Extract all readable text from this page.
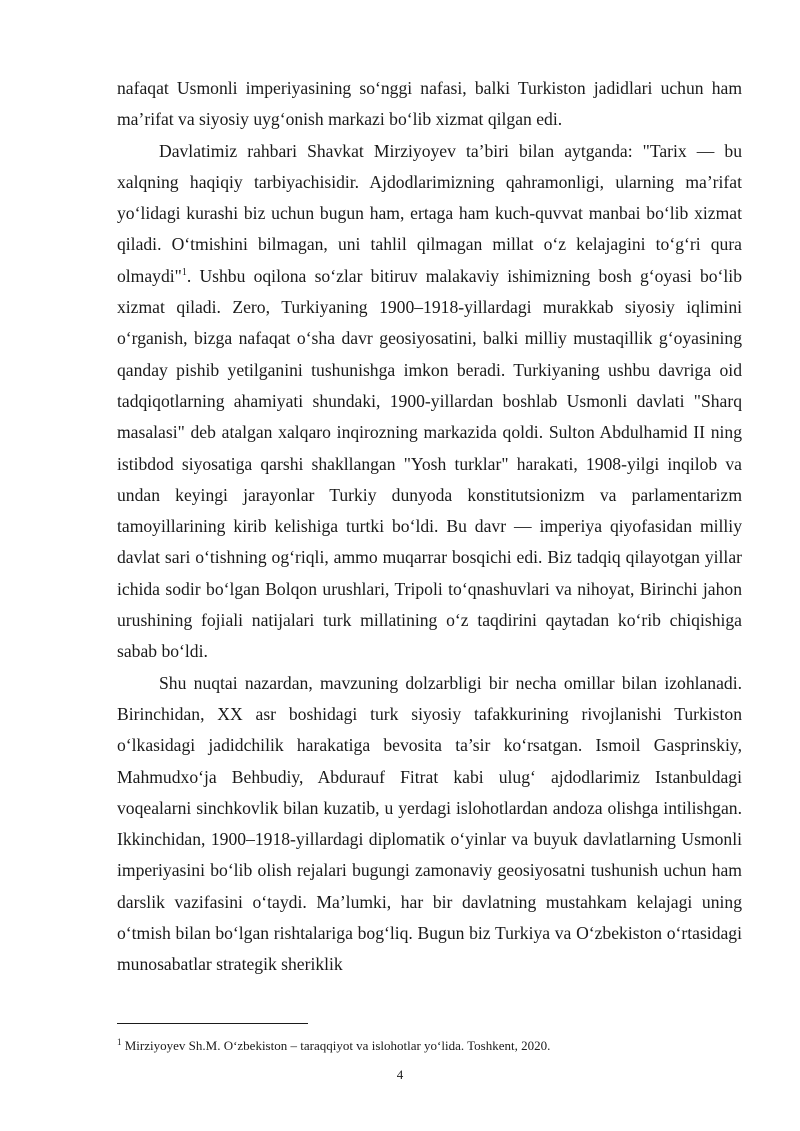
nafaqat Usmonli imperiyasining so‘nggi nafasi, balki Turkiston jadidlari uchun ham ma’rifat va siyosiy uyg‘onish markazi bo‘lib xizmat qilgan edi.

Davlatimiz rahbari Shavkat Mirziyoyev ta’biri bilan aytganda: "Tarix — bu xalqning haqiqiy tarbiyachisidir. Ajdodlarimizning qahramonligi, ularning ma’rifat yo‘lidagi kurashi biz uchun bugun ham, ertaga ham kuch-quvvat manbai bo‘lib xizmat qiladi. O‘tmishini bilmagan, uni tahlil qilmagan millat o‘z kelajagini to‘g‘ri qura olmaydi"$^1$. Ushbu oqilona so‘zlar bitiruv malakaviy ishimizning bosh g‘oyasi bo‘lib xizmat qiladi. Zero, Turkiyaning 1900–1918-yillardagi murakkab siyosiy iqlimini o‘rganish, bizga nafaqat o‘sha davr geosiyosatini, balki milliy mustaqillik g‘oyasining qanday pishib yetilganini tushunishga imkon beradi. Turkiyaning ushbu davriga oid tadqiqotlarning ahamiyati shundaki, 1900-yillardan boshlab Usmonli davlati "Sharq masalasi" deb atalgan xalqaro inqirozning markazida qoldi. Sulton Abdulhamid II ning istibdod siyosatiga qarshi shakllangan "Yosh turklar" harakati, 1908-yilgi inqilob va undan keyingi jarayonlar Turkiy dunyoda konstitutsionizm va parlamentarizm tamoyillarining kirib kelishiga turtki bo‘ldi. Bu davr — imperiya qiyofasidan milliy davlat sari o‘tishning og‘riqli, ammo muqarrar bosqichi edi. Biz tadqiq qilayotgan yillar ichida sodir bo‘lgan Bolqon urushlari, Tripoli to‘qnashuvlari va nihoyat, Birinchi jahon urushining fojiali natijalari turk millatining o‘z taqdirini qaytadan ko‘rib chiqishiga sabab bo‘ldi.

Shu nuqtai nazardan, mavzuning dolzarbligi bir necha omillar bilan izohlanadi. Birinchidan, XX asr boshidagi turk siyosiy tafakkurining rivojlanishi Turkiston o‘lkasidagi jadidchilik harakatiga bevosita ta’sir ko‘rsatgan. Ismoil Gasprinskiy, Mahmudxo‘ja Behbudiy, Abdurauf Fitrat kabi ulug‘ ajdodlarimiz Istanbuldagi voqealarni sinchkovlik bilan kuzatib, u yerdagi islohotlardan andoza olishga intilishgan. Ikkinchidan, 1900–1918-yillardagi diplomatik o‘yinlar va buyuk davlatlarning Usmonli imperiyasini bo‘lib olish rejalari bugungi zamonaviy geosiyosatni tushunish uchun ham darslik vazifasini o‘taydi. Ma’lumki, har bir davlatning mustahkam kelajagi uning o‘tmish bilan bo‘lgan rishtalariga bog‘liq. Bugun biz Turkiya va O‘zbekiston o‘rtasidagi munosabatlar strategik sheriklik

$^1$ Mirziyoyev Sh.M. O‘zbekiston – taraqqiyot va islohotlar yo‘lida. Toshkent, 2020.
4
